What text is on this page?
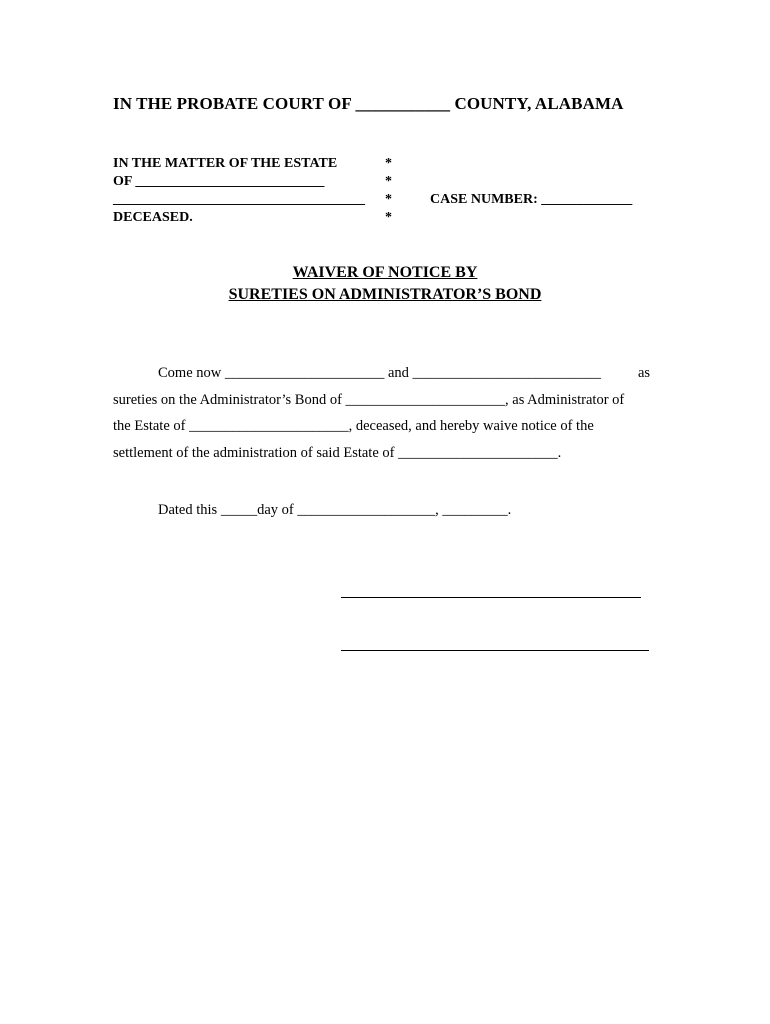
IN THE PROBATE COURT OF ___________ COUNTY, ALABAMA
IN THE MATTER OF THE ESTATE
OF ___________________________
____________________________________
DECEASED.
*
*
*
*
CASE NUMBER: _____________
WAIVER OF NOTICE BY
SURETIES ON ADMINISTRATOR’S BOND
Come now ______________________ and __________________________	as
sureties on the Administrator’s Bond of ______________________, as Administrator of
the Estate of ______________________, deceased, and hereby waive notice of the
settlement of the administration of said Estate of ______________________.
Dated this _____day of ___________________, _________.
